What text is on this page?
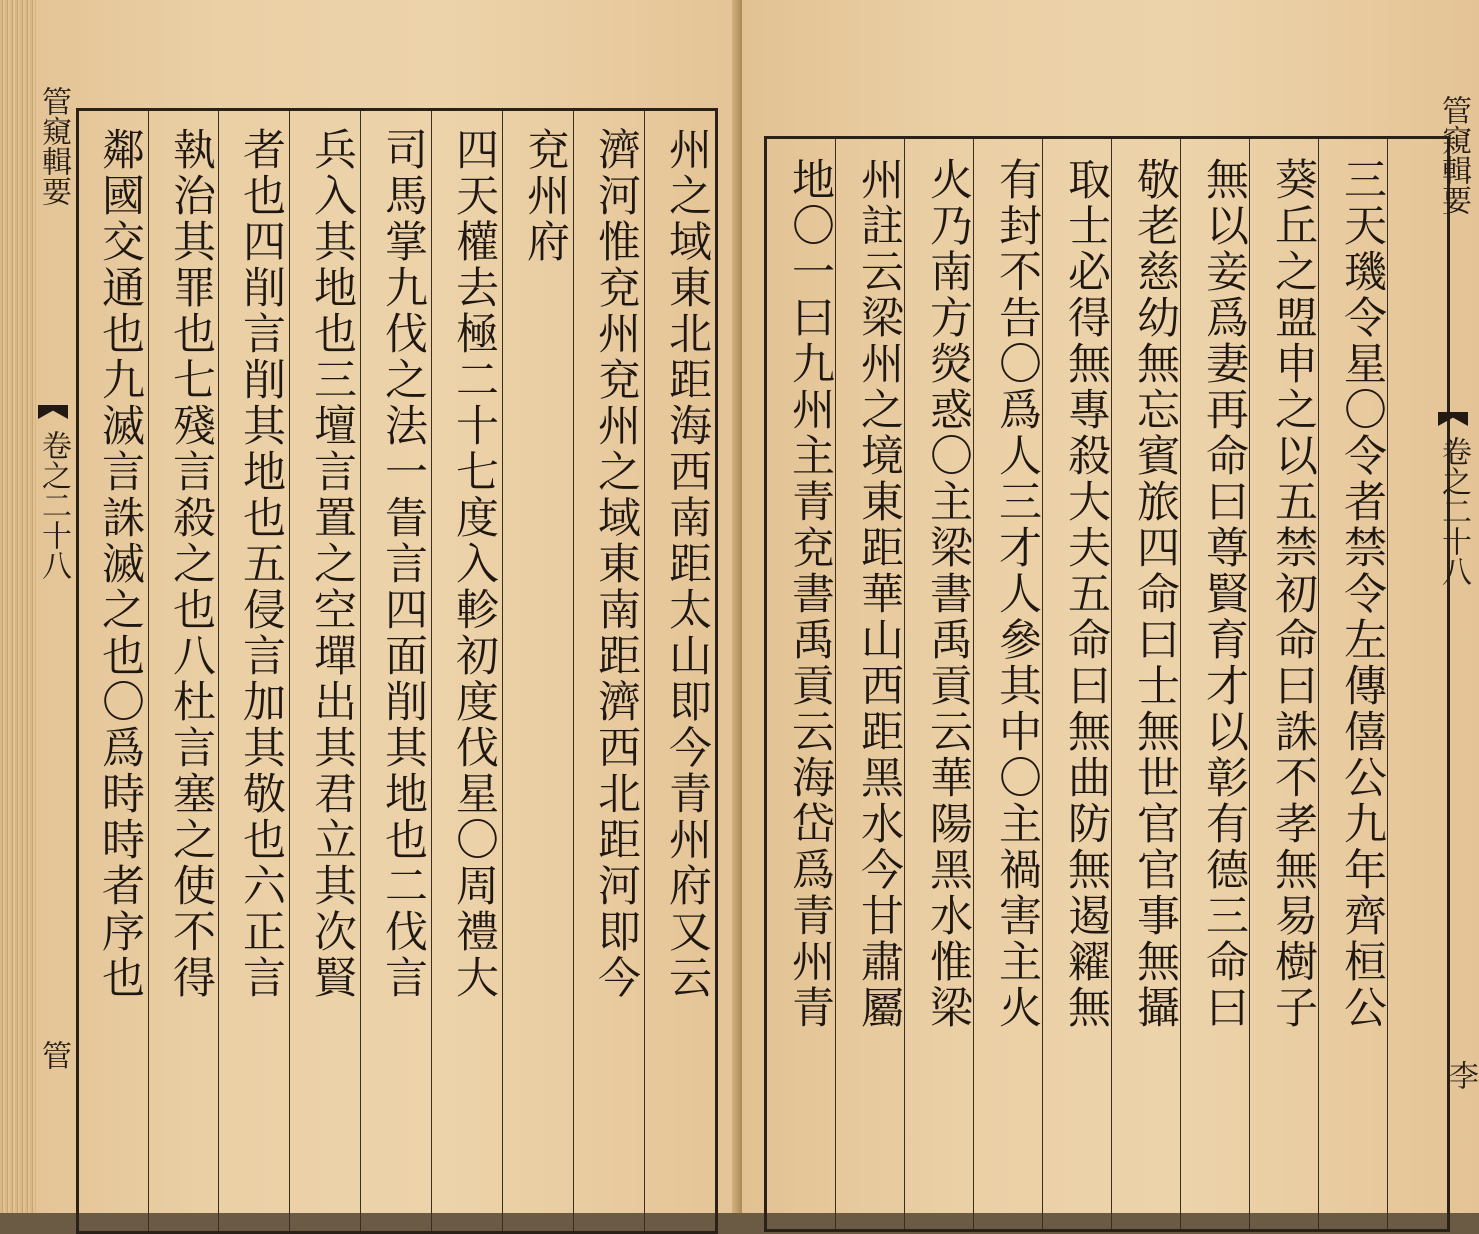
管窺輯要
卷之二十八
管
州之域東北距海西南距太山即今青州府又云
濟河惟兗州兗州之域東南距濟西北距河即今
兗州府
四天權去極二十七度入軫初度伐星〇周禮大
司馬掌九伐之法一眚言四面削其地也二伐言
兵入其地也三壇言置之空墠出其君立其次賢
者也四削言削其地也五侵言加其敬也六正言
執治其罪也七殘言殺之也八杜言塞之使不得
鄰國交通也九滅言誅滅之也〇爲時時者序也	三天璣令星〇令者禁令左傳僖公九年齊桓公
葵丘之盟申之以五禁初命曰誅不孝無易樹子
無以妾爲妻再命曰尊賢育才以彰有德三命曰
敬老慈幼無忘賓旅四命曰士無世官官事無攝
取士必得無專殺大夫五命曰無曲防無遏糴無
有封不告〇爲人三才人參其中〇主禍害主火
火乃南方熒惑〇主梁書禹貢云華陽黑水惟梁
州註云梁州之境東距華山西距黑水今甘肅屬
地〇一曰九州主青兗書禹貢云海岱爲青州青
管窺輯要
卷之二十八
李
